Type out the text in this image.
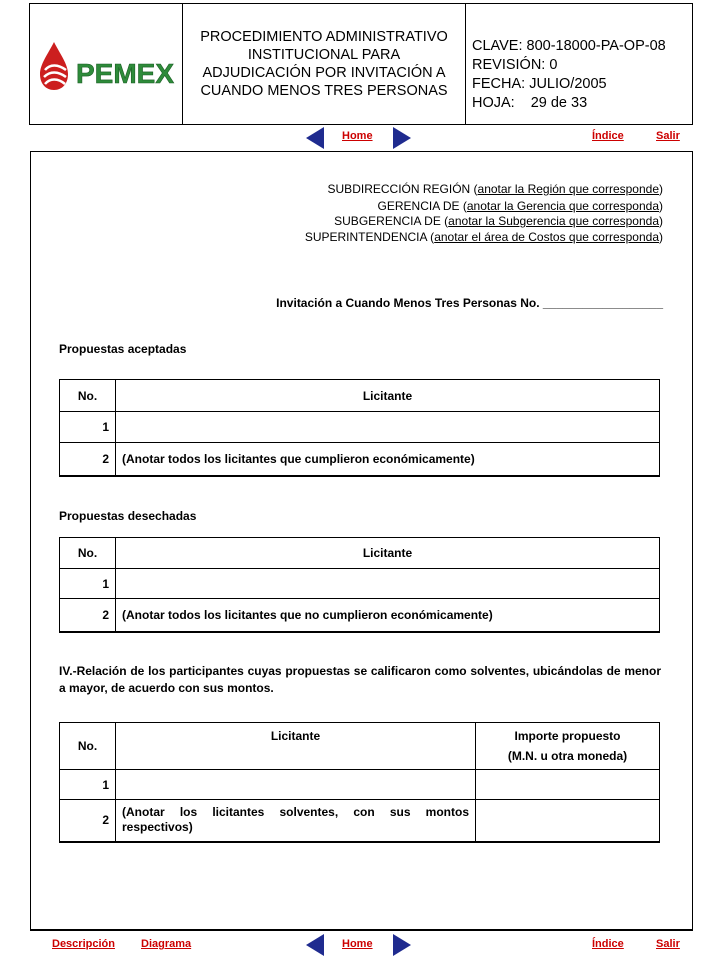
PEMEX
PROCEDIMIENTO ADMINISTRATIVO
INSTITUCIONAL PARA
ADJUDICACIÓN POR INVITACIÓN A
CUANDO MENOS TRES PERSONAS
CLAVE: 800-18000-PA-OP-08
REVISIÓN: 0
FECHA: JULIO/2005
HOJA: 29 de 33
Home	Índice	Salir
SUBDIRECCIÓN REGIÓN (anotar la Región que corresponde)
GERENCIA DE (anotar la Gerencia que corresponda)
SUBGERENCIA DE (anotar la Subgerencia que corresponda)
SUPERINTENDENCIA (anotar el área de Costos que corresponda)
Invitación a Cuando Menos Tres Personas No. __________________
Propuestas aceptadas
No.	Licitante
1	
2	(Anotar todos los licitantes que cumplieron económicamente)
Propuestas desechadas
No.	Licitante
1	
2	(Anotar todos los licitantes que no cumplieron económicamente)
IV.-Relación de los participantes cuyas propuestas se calificaron como solventes, ubicándolas de menor a mayor, de acuerdo con sus montos.
No.	Licitante	Importe propuesto
(M.N. u otra moneda)

1		
2	(Anotar los licitantes solventes, con sus montos respectivos)	
Descripción Diagrama	Home	Índice	Salir
